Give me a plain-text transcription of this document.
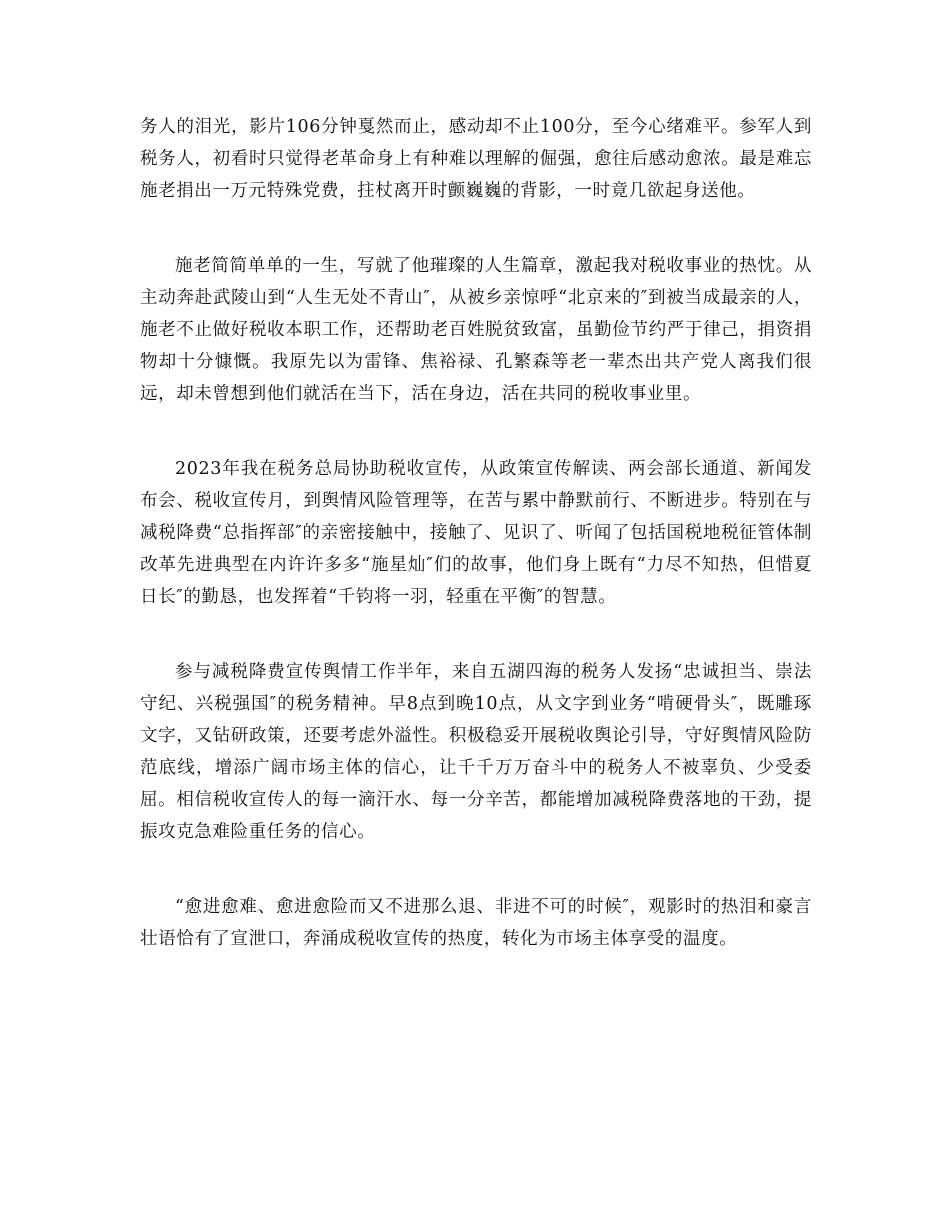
务人的泪光，影片106分钟戛然而止，感动却不止100分，至今心绪难平。参军人到税务人，初看时只觉得老革命身上有种难以理解的倔强，愈往后感动愈浓。最是难忘施老捐出一万元特殊党费，拄杖离开时颤巍巍的背影，一时竟几欲起身送他。

施老简简单单的一生，写就了他璀璨的人生篇章，激起我对税收事业的热忱。从主动奔赴武陵山到“人生无处不青山″，从被乡亲惊呼“北京来的″到被当成最亲的人，施老不止做好税收本职工作，还帮助老百姓脱贫致富，虽勤俭节约严于律己，捐资捐物却十分慷慨。我原先以为雷锋、焦裕禄、孔繁森等老一辈杰出共产党人离我们很远，却未曾想到他们就活在当下，活在身边，活在共同的税收事业里。

2023年我在税务总局协助税收宣传，从政策宣传解读、两会部长通道、新闻发布会、税收宣传月，到舆情风险管理等，在苦与累中静默前行、不断进步。特别在与减税降费“总指挥部″的亲密接触中，接触了、见识了、听闻了包括国税地税征管体制改革先进典型在内许许多多“施星灿″们的故事，他们身上既有“力尽不知热，但惜夏日长″的勤恳，也发挥着“千钧将一羽，轻重在平衡″的智慧。

参与减税降费宣传舆情工作半年，来自五湖四海的税务人发扬“忠诚担当、崇法守纪、兴税强国″的税务精神。早8点到晚10点，从文字到业务“啃硬骨头″，既雕琢文字，又钻研政策，还要考虑外溢性。积极稳妥开展税收舆论引导，守好舆情风险防范底线，增添广阔市场主体的信心，让千千万万奋斗中的税务人不被辜负、少受委屈。相信税收宣传人的每一滴汗水、每一分辛苦，都能增加减税降费落地的干劲，提振攻克急难险重任务的信心。

“愈进愈难、愈进愈险而又不进那么退、非进不可的时候″，观影时的热泪和豪言壮语恰有了宣泄口，奔涌成税收宣传的热度，转化为市场主体享受的温度。
